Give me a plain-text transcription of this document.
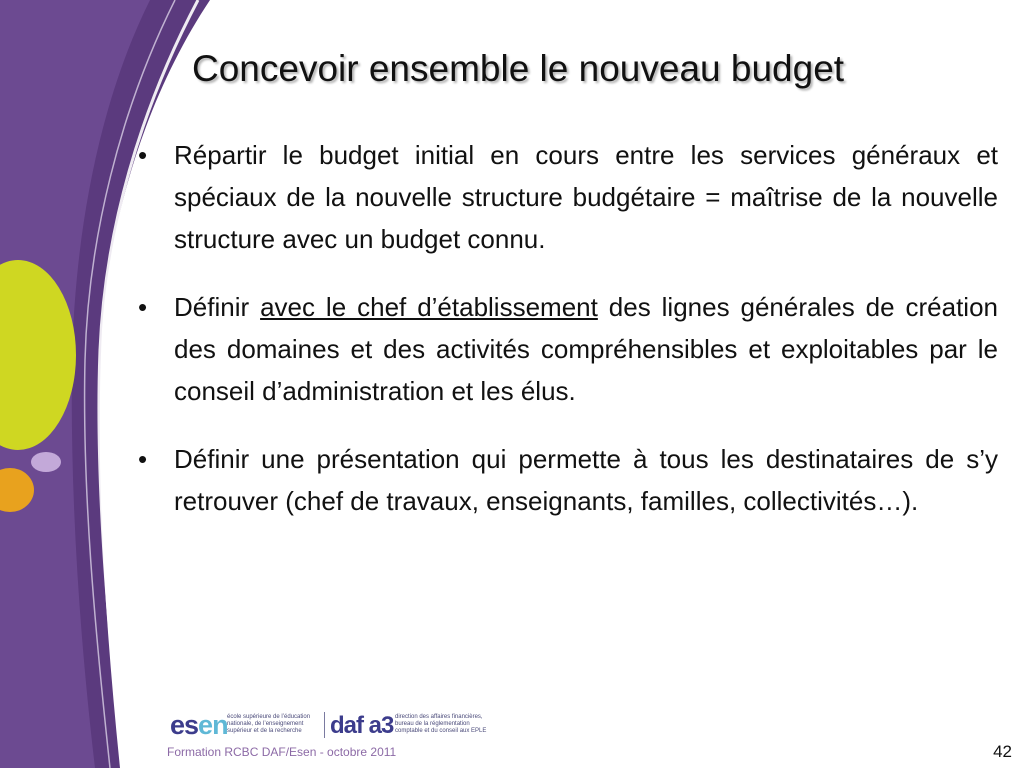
Concevoir ensemble le nouveau budget
• Répartir le budget initial en cours entre les services généraux et spéciaux de la nouvelle structure budgétaire = maîtrise de la nouvelle structure avec un budget connu.
• Définir avec le chef d’établissement des lignes générales de création des domaines et des activités compréhensibles et exploitables par le conseil d’administration et les élus.
• Définir une présentation qui permette à tous les destinataires de s’y retrouver (chef de travaux, enseignants, familles, collectivités…).
esen école supérieure de l’éducation nationale, de l’enseignement supérieur et de la recherche	daf a3 direction des affaires financières, bureau de la réglementation comptable et du conseil aux EPLE
Formation RCBC DAF/Esen - octobre 2011	42
